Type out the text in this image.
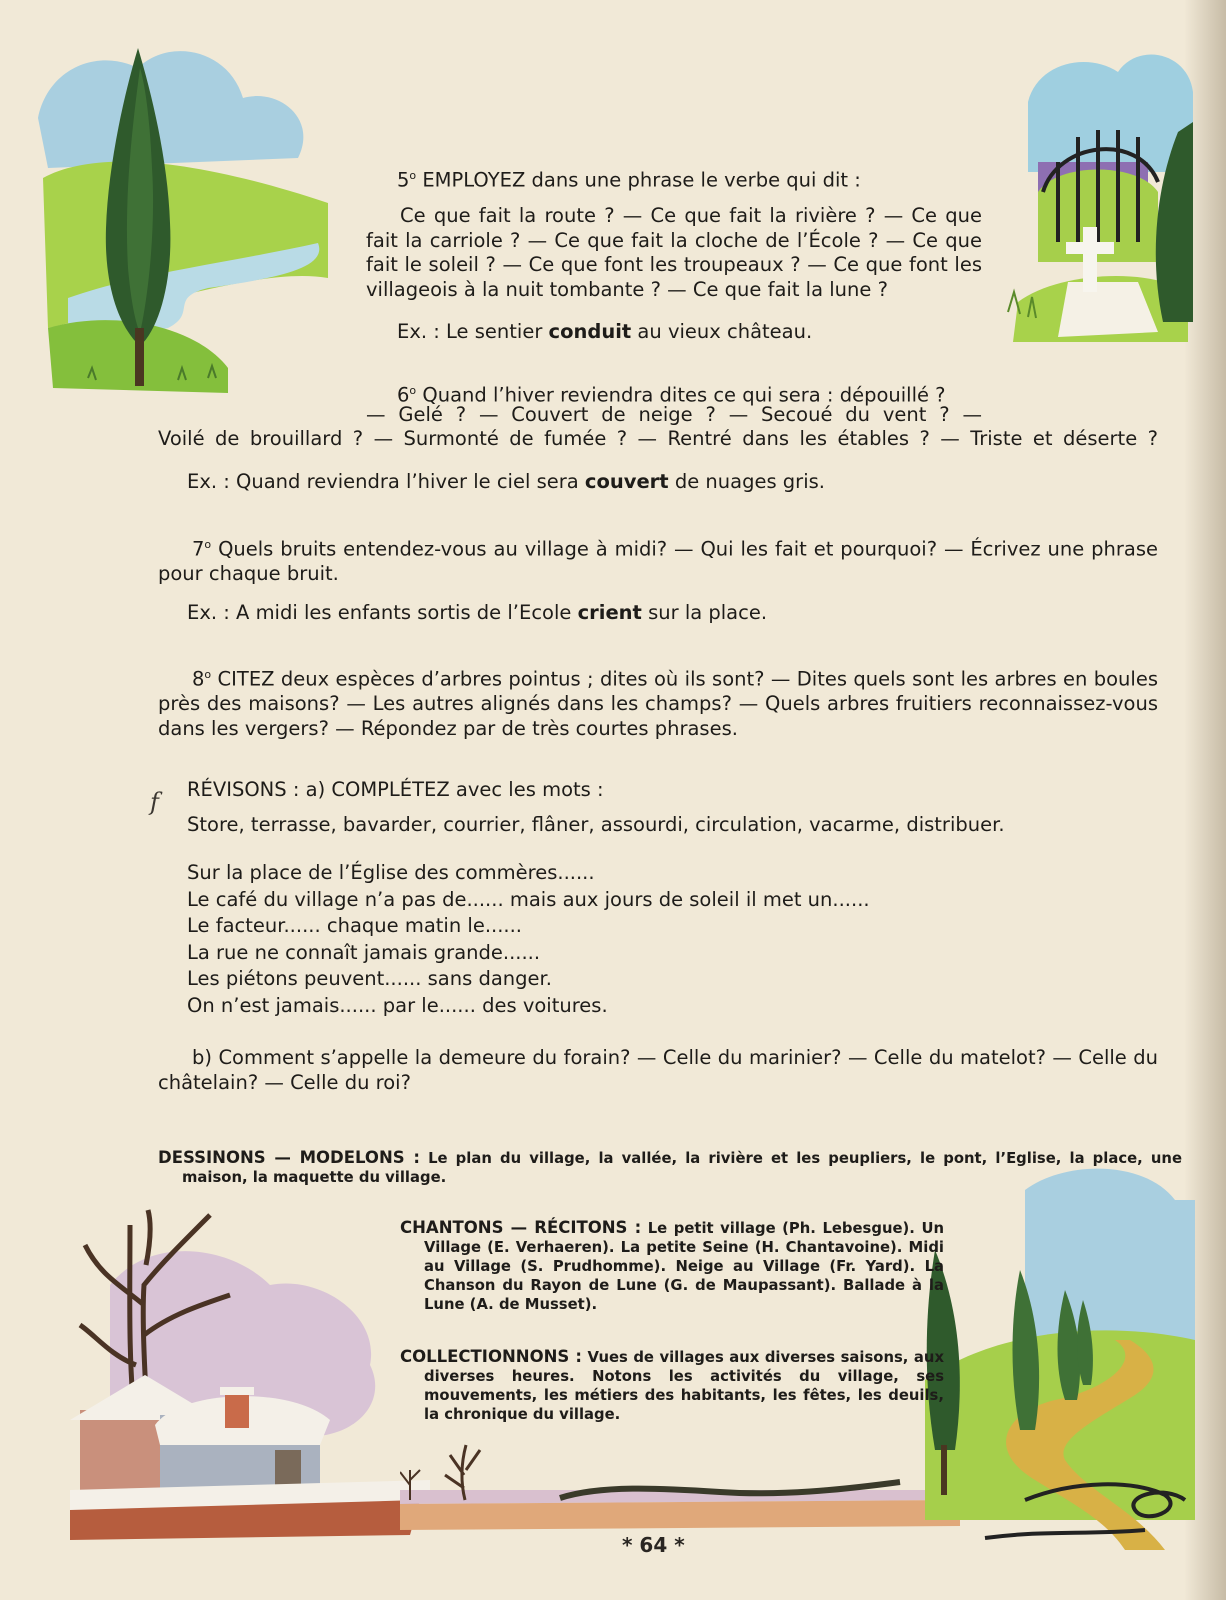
5$^o$ EMPLOYEZ dans une phrase le verbe qui dit :

Ce que fait la route ? — Ce que fait la rivière ? — Ce que fait la carriole ? — Ce que fait la cloche de l’École ? — Ce que fait le soleil ? — Ce que font les troupeaux ? — Ce que font les villageois à la nuit tombante ? — Ce que fait la lune ?

Ex. : Le sentier conduit au vieux château.

6$^o$ Quand l’hiver reviendra dites ce qui sera : dépouillé ?

— Gelé ? — Couvert de neige ? — Secoué du vent ? —

Voilé de brouillard ? — Surmonté de fumée ? — Rentré dans les étables ? — Triste et déserte ?

Ex. : Quand reviendra l’hiver le ciel sera couvert de nuages gris.

7$^o$ Quels bruits entendez-vous au village à midi? — Qui les fait et pourquoi? — Écrivez une phrase pour chaque bruit.

Ex. : A midi les enfants sortis de l’Ecole crient sur la place.

8$^o$ CITEZ deux espèces d’arbres pointus ; dites où ils sont? — Dites quels sont les arbres en boules près des maisons? — Les autres alignés dans les champs? — Quels arbres fruitiers reconnaissez-vous dans les vergers? — Répondez par de très courtes phrases.

f RÉVISONS : a) COMPLÉTEZ avec les mots :

Store, terrasse, bavarder, courrier, flâner, assourdi, circulation, vacarme, distribuer.

Sur la place de l’Église des commères......

Le café du village n’a pas de...... mais aux jours de soleil il met un......

Le facteur...... chaque matin le......

La rue ne connaît jamais grande......

Les piétons peuvent...... sans danger.

On n’est jamais...... par le...... des voitures.

b) Comment s’appelle la demeure du forain? — Celle du marinier? — Celle du matelot? — Celle du châtelain? — Celle du roi?

DESSINONS — MODELONS : Le plan du village, la vallée, la rivière et les peupliers, le pont, l’Eglise, la place, une maison, la maquette du village.

CHANTONS — RÉCITONS : Le petit village (Ph. Lebesgue). Un Village (E. Verhaeren). La petite Seine (H. Chantavoine). Midi au Village (S. Prudhomme). Neige au Village (Fr. Yard). La Chanson du Rayon de Lune (G. de Maupassant). Ballade à la Lune (A. de Musset).

COLLECTIONNONS : Vues de villages aux diverses saisons, aux diverses heures. Notons les activités du village, ses mouvements, les métiers des habitants, les fêtes, les deuils, la chronique du village.

* 64 *
